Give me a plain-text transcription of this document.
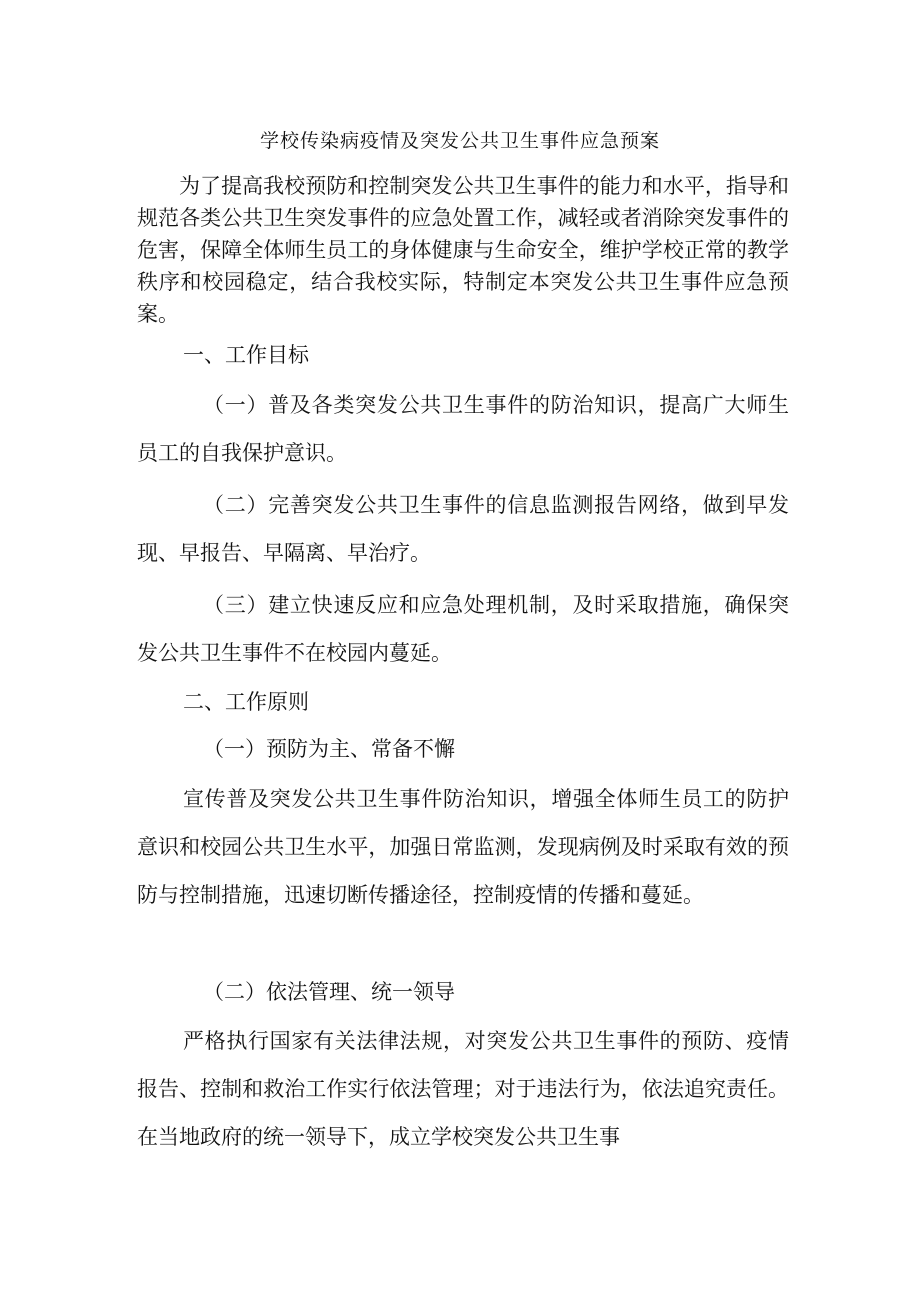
学校传染病疫情及突发公共卫生事件应急预案

为了提高我校预防和控制突发公共卫生事件的能力和水平，指导和规范各类公共卫生突发事件的应急处置工作，减轻或者消除突发事件的危害，保障全体师生员工的身体健康与生命安全，维护学校正常的教学秩序和校园稳定，结合我校实际，特制定本突发公共卫生事件应急预案。

一、工作目标

（一）普及各类突发公共卫生事件的防治知识，提高广大师生员工的自我保护意识。

（二）完善突发公共卫生事件的信息监测报告网络，做到早发现、早报告、早隔离、早治疗。

（三）建立快速反应和应急处理机制，及时采取措施，确保突发公共卫生事件不在校园内蔓延。

二、工作原则

（一）预防为主、常备不懈

宣传普及突发公共卫生事件防治知识，增强全体师生员工的防护意识和校园公共卫生水平，加强日常监测，发现病例及时采取有效的预防与控制措施，迅速切断传播途径，控制疫情的传播和蔓延。

（二）依法管理、统一领导

严格执行国家有关法律法规，对突发公共卫生事件的预防、疫情报告、控制和救治工作实行依法管理；对于违法行为，依法追究责任。在当地政府的统一领导下，成立学校突发公共卫生事
